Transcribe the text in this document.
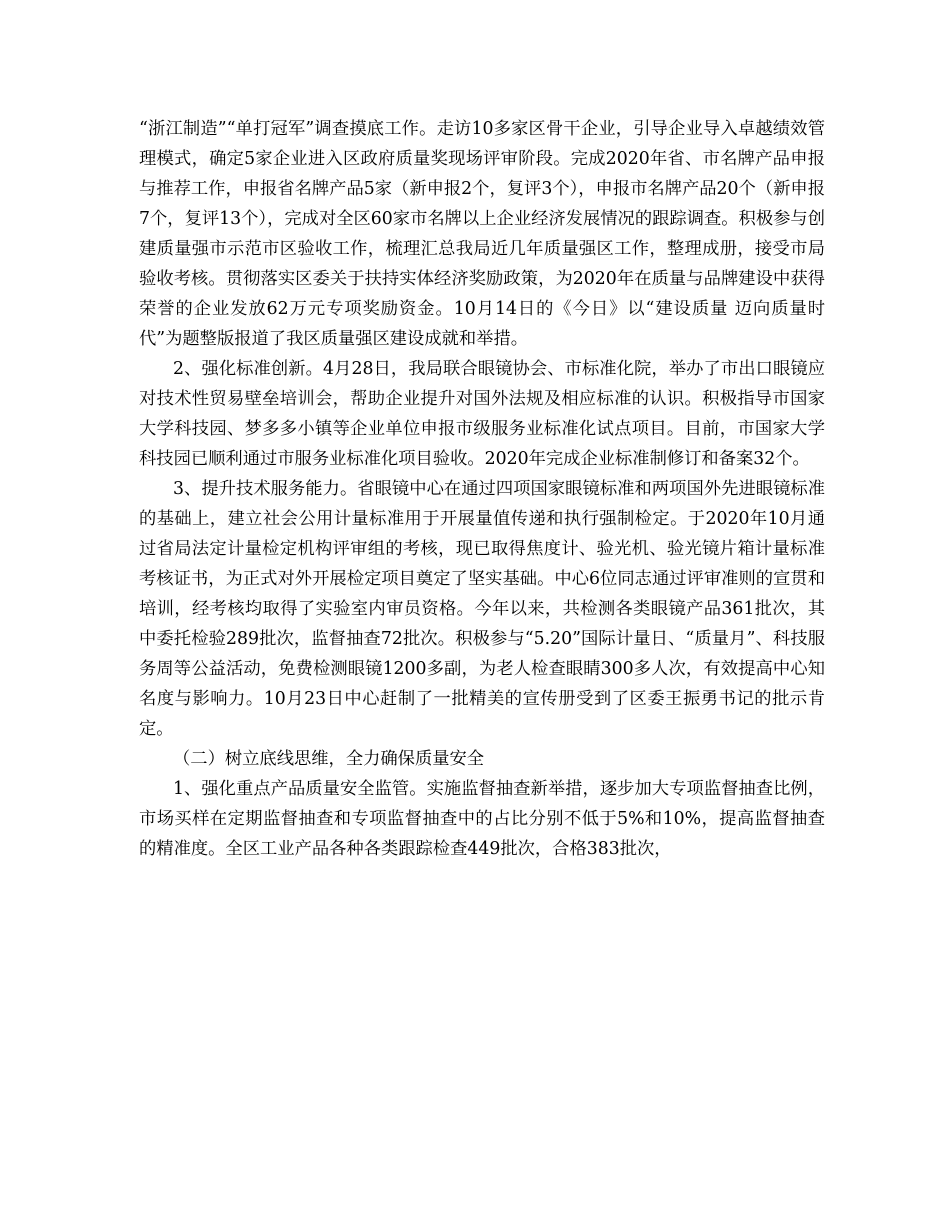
“浙江制造”“单打冠军”调查摸底工作。走访10多家区骨干企业，引导企业导入卓越绩效管理模式，确定5家企业进入区政府质量奖现场评审阶段。完成2020年省、市名牌产品申报与推荐工作，申报省名牌产品5家（新申报2个，复评3个），申报市名牌产品20个（新申报7个，复评13个），完成对全区60家市名牌以上企业经济发展情况的跟踪调查。积极参与创建质量强市示范市区验收工作，梳理汇总我局近几年质量强区工作，整理成册，接受市局验收考核。贯彻落实区委关于扶持实体经济奖励政策，为2020年在质量与品牌建设中获得荣誉的企业发放62万元专项奖励资金。10月14日的《今日》以“建设质量 迈向质量时代”为题整版报道了我区质量强区建设成就和举措。

2、强化标准创新。4月28日，我局联合眼镜协会、市标准化院，举办了市出口眼镜应对技术性贸易壁垒培训会，帮助企业提升对国外法规及相应标准的认识。积极指导市国家大学科技园、梦多多小镇等企业单位申报市级服务业标准化试点项目。目前，市国家大学科技园已顺利通过市服务业标准化项目验收。2020年完成企业标准制修订和备案32个。

3、提升技术服务能力。省眼镜中心在通过四项国家眼镜标准和两项国外先进眼镜标准的基础上，建立社会公用计量标准用于开展量值传递和执行强制检定。于2020年10月通过省局法定计量检定机构评审组的考核，现已取得焦度计、验光机、验光镜片箱计量标准考核证书，为正式对外开展检定项目奠定了坚实基础。中心6位同志通过评审准则的宣贯和培训，经考核均取得了实验室内审员资格。今年以来，共检测各类眼镜产品361批次，其中委托检验289批次，监督抽查72批次。积极参与“5.20”国际计量日、“质量月”、科技服务周等公益活动，免费检测眼镜1200多副，为老人检查眼睛300多人次，有效提高中心知名度与影响力。10月23日中心赶制了一批精美的宣传册受到了区委王振勇书记的批示肯定。

（二）树立底线思维，全力确保质量安全

1、强化重点产品质量安全监管。实施监督抽查新举措，逐步加大专项监督抽查比例，市场买样在定期监督抽查和专项监督抽查中的占比分别不低于5%和10%，提高监督抽查的精准度。全区工业产品各种各类跟踪检查449批次，合格383批次，
